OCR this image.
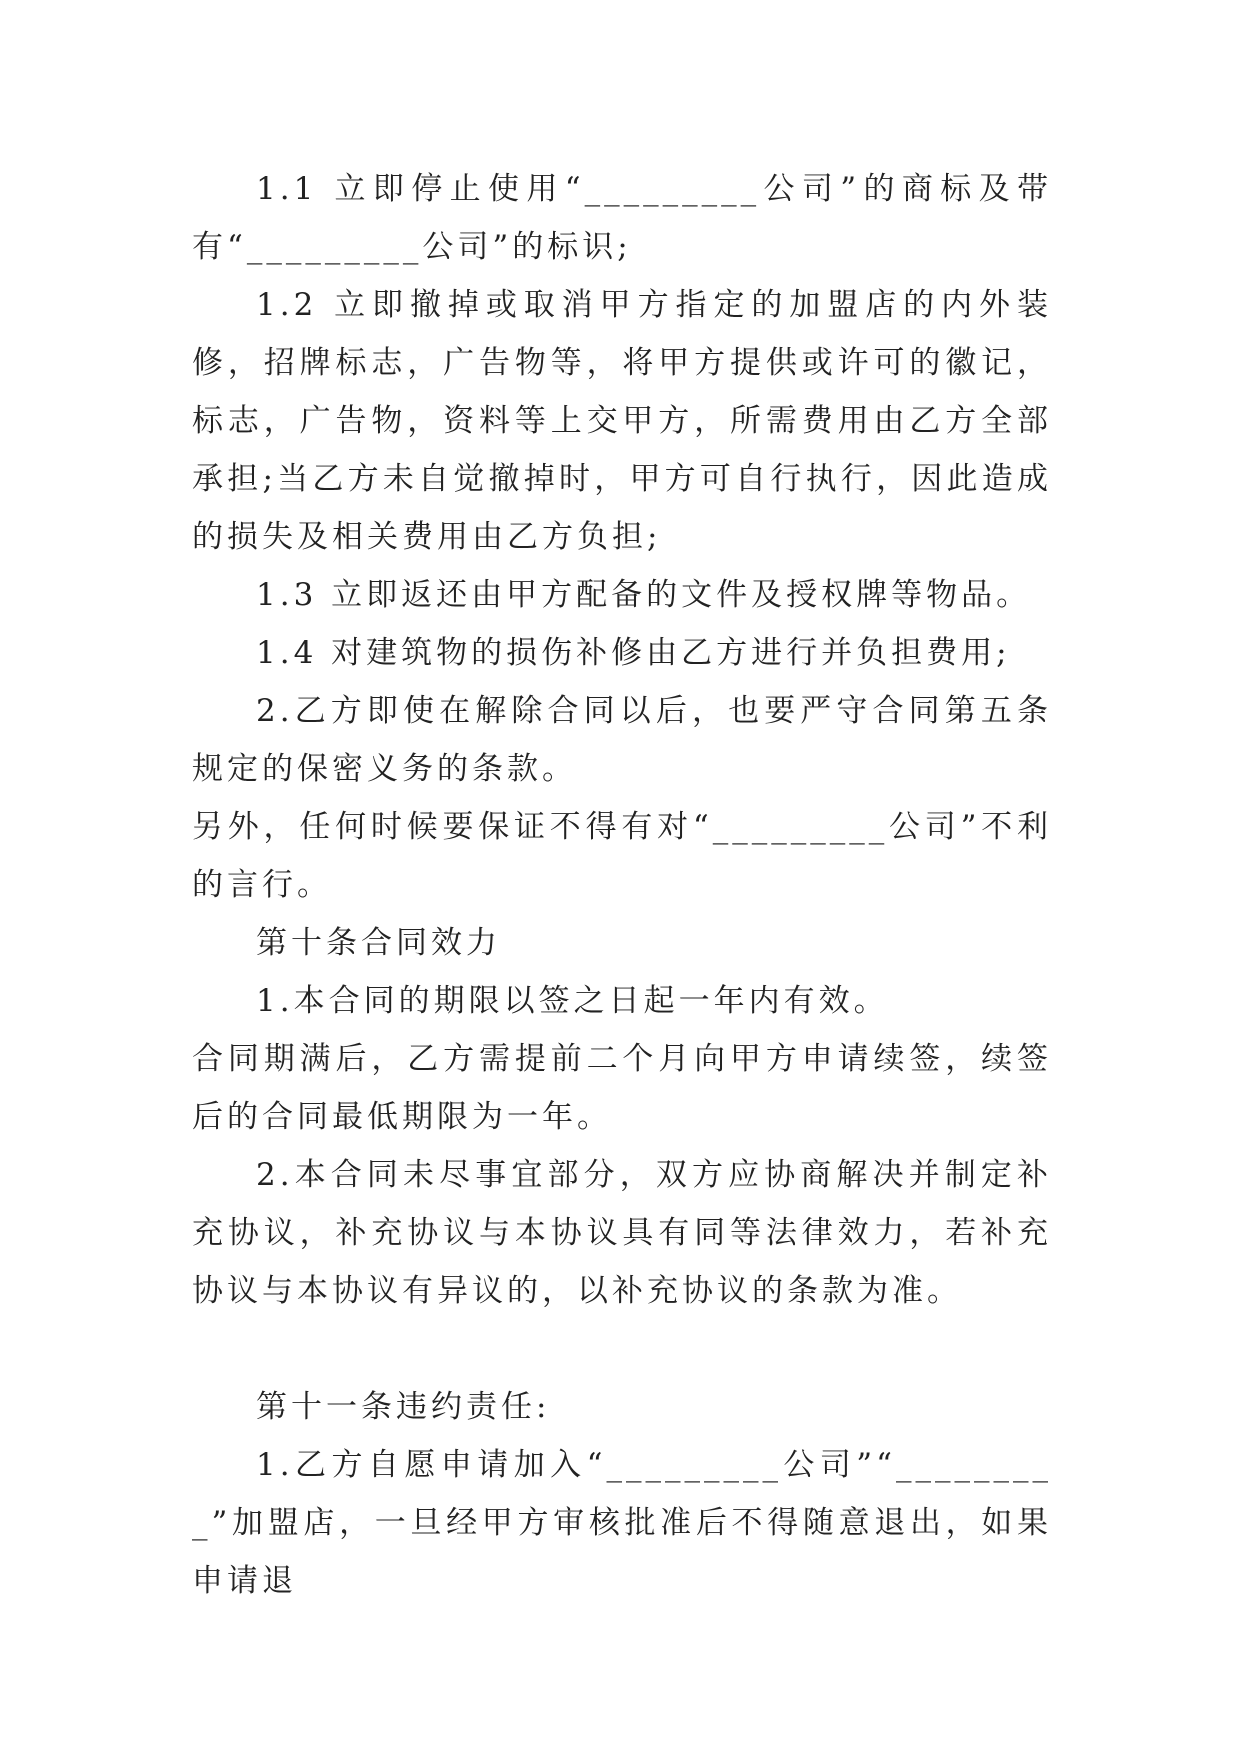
1.1 立即停止使用“_________公司”的商标及带有“_________公司”的标识;

1.2 立即撤掉或取消甲方指定的加盟店的内外装修，招牌标志，广告物等，将甲方提供或许可的徽记，标志，广告物，资料等上交甲方，所需费用由乙方全部承担;当乙方未自觉撤掉时，甲方可自行执行，因此造成的损失及相关费用由乙方负担;

1.3 立即返还由甲方配备的文件及授权牌等物品。

1.4 对建筑物的损伤补修由乙方进行并负担费用;

2.乙方即使在解除合同以后，也要严守合同第五条规定的保密义务的条款。

另外，任何时候要保证不得有对“_________公司”不利的言行。

第十条合同效力

1.本合同的期限以签之日起一年内有效。

合同期满后，乙方需提前二个月向甲方申请续签，续签后的合同最低期限为一年。

2.本合同未尽事宜部分，双方应协商解决并制定补充协议，补充协议与本协议具有同等法律效力，若补充协议与本协议有异议的，以补充协议的条款为准。

第十一条违约责任:

1.乙方自愿申请加入“_________公司”“_________”加盟店，一旦经甲方审核批准后不得随意退出，如果申请退
